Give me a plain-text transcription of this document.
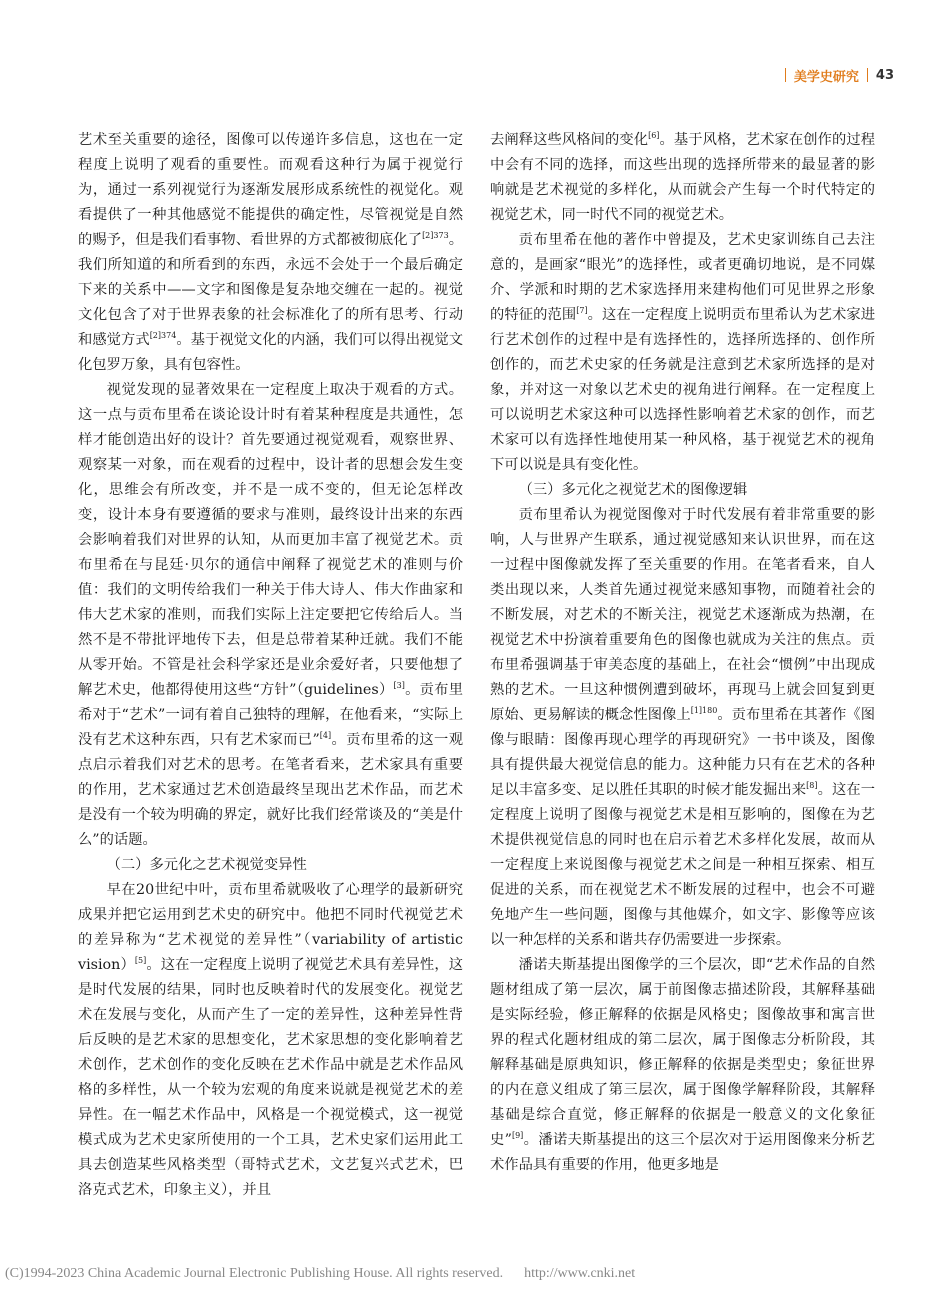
美学史研究 43

艺术至关重要的途径，图像可以传递许多信息，这也在一定程度上说明了观看的重要性。而观看这种行为属于视觉行为，通过一系列视觉行为逐渐发展形成系统性的视觉化。观看提供了一种其他感觉不能提供的确定性，尽管视觉是自然的赐予，但是我们看事物、看世界的方式都被彻底化了$^{[2]373}$。我们所知道的和所看到的东西，永远不会处于一个最后确定下来的关系中——文字和图像是复杂地交缠在一起的。视觉文化包含了对于世界表象的社会标准化了的所有思考、行动和感觉方式$^{[2]374}$。基于视觉文化的内涵，我们可以得出视觉文化包罗万象，具有包容性。

视觉发现的显著效果在一定程度上取决于观看的方式。这一点与贡布里希在谈论设计时有着某种程度是共通性，怎样才能创造出好的设计？首先要通过视觉观看，观察世界、观察某一对象，而在观看的过程中，设计者的思想会发生变化，思维会有所改变，并不是一成不变的，但无论怎样改变，设计本身有要遵循的要求与准则，最终设计出来的东西会影响着我们对世界的认知，从而更加丰富了视觉艺术。贡布里希在与昆廷·贝尔的通信中阐释了视觉艺术的准则与价值：我们的文明传给我们一种关于伟大诗人、伟大作曲家和伟大艺术家的准则，而我们实际上注定要把它传给后人。当然不是不带批评地传下去，但是总带着某种迁就。我们不能从零开始。不管是社会科学家还是业余爱好者，只要他想了解艺术史，他都得使用这些“方针”（guidelines）[3]。贡布里希对于“艺术”一词有着自己独特的理解，在他看来，“实际上没有艺术这种东西，只有艺术家而已”[4]。贡布里希的这一观点启示着我们对艺术的思考。在笔者看来，艺术家具有重要的作用，艺术家通过艺术创造最终呈现出艺术作品，而艺术是没有一个较为明确的界定，就好比我们经常谈及的“美是什么”的话题。

（二）多元化之艺术视觉变异性

早在20世纪中叶，贡布里希就吸收了心理学的最新研究成果并把它运用到艺术史的研究中。他把不同时代视觉艺术的差异称为“艺术视觉的差异性”（variability of artistic vision）[5]。这在一定程度上说明了视觉艺术具有差异性，这是时代发展的结果，同时也反映着时代的发展变化。视觉艺术在发展与变化，从而产生了一定的差异性，这种差异性背后反映的是艺术家的思想变化，艺术家思想的变化影响着艺术创作，艺术创作的变化反映在艺术作品中就是艺术作品风格的多样性，从一个较为宏观的角度来说就是视觉艺术的差异性。在一幅艺术作品中，风格是一个视觉模式，这一视觉模式成为艺术史家所使用的一个工具，艺术史家们运用此工具去创造某些风格类型（哥特式艺术，文艺复兴式艺术，巴洛克式艺术，印象主义），并且

去阐释这些风格间的变化[6]。基于风格，艺术家在创作的过程中会有不同的选择，而这些出现的选择所带来的最显著的影响就是艺术视觉的多样化，从而就会产生每一个时代特定的视觉艺术，同一时代不同的视觉艺术。

贡布里希在他的著作中曾提及，艺术史家训练自己去注意的，是画家“眼光”的选择性，或者更确切地说，是不同媒介、学派和时期的艺术家选择用来建构他们可见世界之形象的特征的范围[7]。这在一定程度上说明贡布里希认为艺术家进行艺术创作的过程中是有选择性的，选择所选择的、创作所创作的，而艺术史家的任务就是注意到艺术家所选择的是对象，并对这一对象以艺术史的视角进行阐释。在一定程度上可以说明艺术家这种可以选择性影响着艺术家的创作，而艺术家可以有选择性地使用某一种风格，基于视觉艺术的视角下可以说是具有变化性。

（三）多元化之视觉艺术的图像逻辑

贡布里希认为视觉图像对于时代发展有着非常重要的影响，人与世界产生联系，通过视觉感知来认识世界，而在这一过程中图像就发挥了至关重要的作用。在笔者看来，自人类出现以来，人类首先通过视觉来感知事物，而随着社会的不断发展，对艺术的不断关注，视觉艺术逐渐成为热潮，在视觉艺术中扮演着重要角色的图像也就成为关注的焦点。贡布里希强调基于审美态度的基础上，在社会“惯例”中出现成熟的艺术。一旦这种惯例遭到破坏，再现马上就会回复到更原始、更易解读的概念性图像上$^{[1]180}$。贡布里希在其著作《图像与眼睛：图像再现心理学的再现研究》一书中谈及，图像具有提供最大视觉信息的能力。这种能力只有在艺术的各种足以丰富多变、足以胜任其职的时候才能发掘出来[8]。这在一定程度上说明了图像与视觉艺术是相互影响的，图像在为艺术提供视觉信息的同时也在启示着艺术多样化发展，故而从一定程度上来说图像与视觉艺术之间是一种相互探索、相互促进的关系，而在视觉艺术不断发展的过程中，也会不可避免地产生一些问题，图像与其他媒介，如文字、影像等应该以一种怎样的关系和谐共存仍需要进一步探索。

潘诺夫斯基提出图像学的三个层次，即“艺术作品的自然题材组成了第一层次，属于前图像志描述阶段，其解释基础是实际经验，修正解释的依据是风格史；图像故事和寓言世界的程式化题材组成的第二层次，属于图像志分析阶段，其解释基础是原典知识，修正解释的依据是类型史；象征世界的内在意义组成了第三层次，属于图像学解释阶段，其解释基础是综合直觉，修正解释的依据是一般意义的文化象征史”[9]。潘诺夫斯基提出的这三个层次对于运用图像来分析艺术作品具有重要的作用，他更多地是

(C)1994-2023 China Academic Journal Electronic Publishing House. All rights reserved. http://www.cnki.net
